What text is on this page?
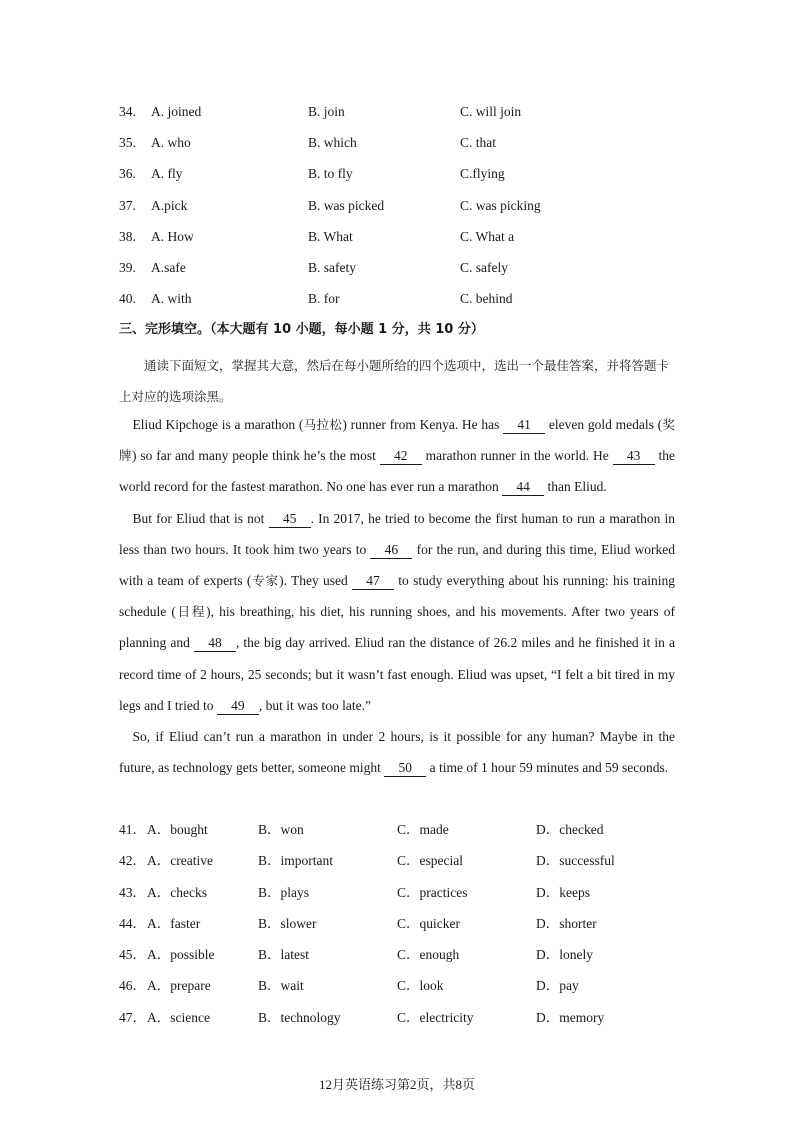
34. A. joined	B. join	C. will join
35. A. who	B. which	C. that
36. A. fly	B. to fly	C.flying
37. A.pick	B. was picked	C. was picking
38. A. How	B. What	C. What a
39. A.safe	B. safety	C. safely
40. A. with	B. for	C. behind
三、完形填空。（本大题有 10 小题，每小题 1 分，共 10 分）
通读下面短文，掌握其大意，然后在每小题所给的四个选项中，选出一个最佳答案，并将答题卡上对应的选项涂黑。

Eliud Kipchoge is a marathon (马拉松) runner from Kenya. He has 41 eleven gold medals (奖牌) so far and many people think he’s the most 42 marathon runner in the world. He 43 the world record for the fastest marathon. No one has ever run a marathon 44 than Eliud.

But for Eliud that is not 45 . In 2017, he tried to become the first human to run a marathon in less than two hours. It took him two years to 46 for the run, and during this time, Eliud worked with a team of experts (专家). They used 47 to study everything about his running: his training schedule (日程), his breathing, his diet, his running shoes, and his movements. After two years of planning and 48 , the big day arrived. Eliud ran the distance of 26.2 miles and he finished it in a record time of 2 hours, 25 seconds; but it wasn’t fast enough. Eliud was upset, “I felt a bit tired in my legs and I tried to 49 , but it was too late.”

So, if Eliud can’t run a marathon in under 2 hours, is it possible for any human? Maybe in the future, as technology gets better, someone might 50 a time of 1 hour 59 minutes and 59 seconds.

41． A．bought	B．won	C．made	D．checked
42． A．creative	B．important	C．especial	D．successful
43． A．checks	B．plays	C．practices	D．keeps
44． A．faster	B．slower	C．quicker	D．shorter
45． A．possible	B．latest	C．enough	D．lonely
46． A．prepare	B．wait	C．look	D．pay
47． A．science	B．technology	C．electricity	D．memory
12月英语练习第2页，共8页
